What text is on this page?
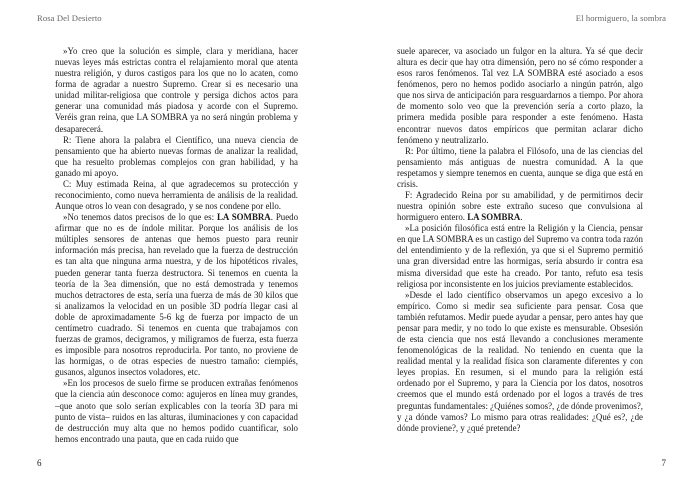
Rosa Del Desierto

»Yo creo que la solución es simple, clara y meridiana, hacer nuevas leyes más estrictas contra el relajamiento moral que atenta nuestra religión, y duros castigos para los que no lo acaten, como forma de agradar a nuestro Supremo. Crear si es necesario una unidad militar-religiosa que controle y persiga dichos actos para generar una comunidad más piadosa y acorde con el Supremo. Veréis gran reina, que LA SOMBRA ya no será ningún problema y desaparecerá.

R: Tiene ahora la palabra el Científico, una nueva ciencia de pensamiento que ha abierto nuevas formas de analizar la realidad, que ha resuelto problemas complejos con gran habilidad, y ha ganado mi apoyo.

C: Muy estimada Reina, al que agradecemos su protección y reconocimiento, como nueva herramienta de análisis de la realidad. Aunque otros lo vean con desagrado, y se nos condene por ello.

»No tenemos datos precisos de lo que es: LA SOMBRA. Puedo afirmar que no es de índole militar. Porque los análisis de los múltiples sensores de antenas que hemos puesto para reunir información más precisa, han revelado que la fuerza de destrucción es tan alta que ninguna arma nuestra, y de los hipotéticos rivales, pueden generar tanta fuerza destructora. Si tenemos en cuenta la teoría de la 3ea dimensión, que no está demostrada y tenemos muchos detractores de esta, sería una fuerza de más de 30 kilos que si analizamos la velocidad en un posible 3D podría llegar casi al doble de aproximadamente 5-6 kg de fuerza por impacto de un centímetro cuadrado. Si tenemos en cuenta que trabajamos con fuerzas de gramos, decigramos, y miligramos de fuerza, esta fuerza es imposible para nosotros reproducirla. Por tanto, no proviene de las hormigas, o de otras especies de nuestro tamaño: ciempiés, gusanos, algunos insectos voladores, etc.

»En los procesos de suelo firme se producen extrañas fenómenos que la ciencia aún desconoce como: agujeros en línea muy grandes, –que anoto que solo serían explicables con la teoría 3D para mi punto de vista– ruidos en las alturas, iluminaciones y con capacidad de destrucción muy alta que no hemos podido cuantificar, solo hemos encontrado una pauta, que en cada ruido que

6
El hormiguero, la sombra

suele aparecer, va asociado un fulgor en la altura. Ya sé que decir altura es decir que hay otra dimensión, pero no sé cómo responder a esos raros fenómenos. Tal vez LA SOMBRA esté asociado a esos fenómenos, pero no hemos podido asociarlo a ningún patrón, algo que nos sirva de anticipación para resguardarnos a tiempo. Por ahora de momento solo veo que la prevención sería a corto plazo, la primera medida posible para responder a este fenómeno. Hasta encontrar nuevos datos empíricos que permitan aclarar dicho fenómeno y neutralizarlo.

R: Por último, tiene la palabra el Filósofo, una de las ciencias del pensamiento más antiguas de nuestra comunidad. A la que respetamos y siempre tenemos en cuenta, aunque se diga que está en crisis.

F: Agradecido Reina por su amabilidad, y de permitirnos decir nuestra opinión sobre este extraño suceso que convulsiona al hormiguero entero. LA SOMBRA.

»La posición filosófica está entre la Religión y la Ciencia, pensar en que LA SOMBRA es un castigo del Supremo va contra toda razón del entendimiento y de la reflexión, ya que si el Supremo permitió una gran diversidad entre las hormigas, sería absurdo ir contra esa misma diversidad que este ha creado. Por tanto, refuto esa tesis religiosa por inconsistente en los juicios previamente establecidos.

»Desde el lado científico observamos un apego excesivo a lo empírico. Como si medir sea suficiente para pensar. Cosa que también refutamos. Medir puede ayudar a pensar, pero antes hay que pensar para medir, y no todo lo que existe es mensurable. Obsesión de esta ciencia que nos está llevando a conclusiones meramente fenomenológicas de la realidad. No teniendo en cuenta que la realidad mental y la realidad física son claramente diferentes y con leyes propias. En resumen, si el mundo para la religión está ordenado por el Supremo, y para la Ciencia por los datos, nosotros creemos que el mundo está ordenado por el logos a través de tres preguntas fundamentales: ¿Quiénes somos?, ¿de dónde provenimos?, y ¿a dónde vamos? Lo mismo para otras realidades: ¿Qué es?, ¿de dónde proviene?, y ¿qué pretende?

7
